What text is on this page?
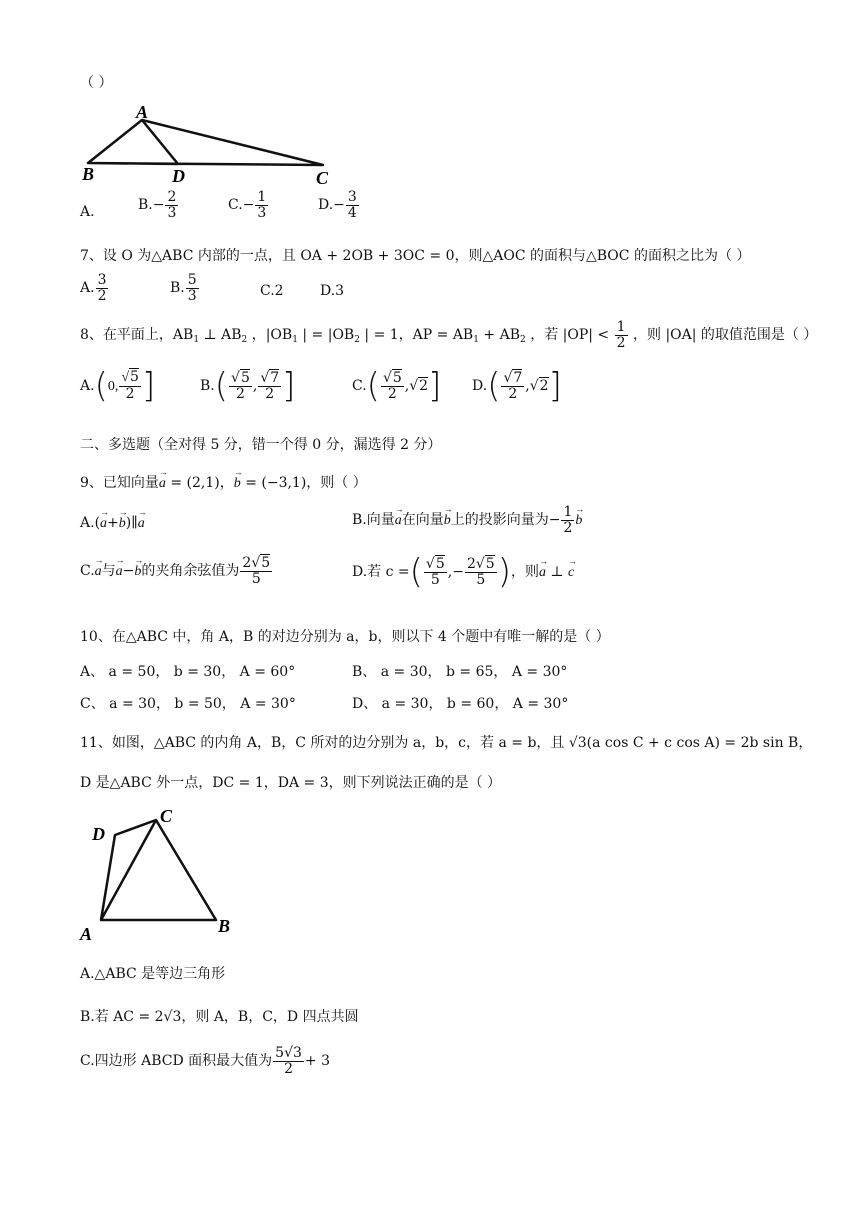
（ ）
A
B	D	C
A.	$B.- \frac{2}{3}$	$C.- \frac{1}{3}$	$D.- \frac{3}{4}$
7、设 O 为△ABC 内部的一点，且 OA + 2OB + 3OC = 0，则△AOC 的面积与△BOC 的面积之比为（ ）
A. $\frac{3}{2}$	B. $\frac{5}{3}$	C.2	D.3
8、在平面上，$AB_1$ ⊥ $AB_2$ ，$|OB_1$ | = $|OB_2$ | = 1，AP = $AB_1 + AB_2$ ，若 $|OP| < \frac{1}{2}$ ，则 |OA| 的取值范围是（ ）
A.(0, $\frac{√5}{2}$ ]	$B.( \frac{√5}{2}$ , $\frac{√7}{2}$ ]	$C.( \frac{√5}{2} ,√2]$ $D.( \frac{√7}{2} ,√2]$
二、多选题（全对得 5 分，错一个得 0 分，漏选得 2 分）
9、已知向量→ a = (2,1)，→ b = (−3,1)，则（ ）
A.(→ a+→ b)∥→ a	B.向量→ a在向量→ b上的投影向量为− $\frac{1}{2}$
→ b
C.→ a与→ a−→ b的夹角余弦值为 $\frac{2√5}{5}$	D.若 c =( $\frac{√5}{5}$ ,− $\frac{2√5}{5}$ )，则→ a ⊥ → c
10、在△ABC 中，角 A，B 的对边分别为 a，b，则以下 4 个题中有唯一解的是（ ）
A、 a = 50， b = 30， A = 60°	B、 a = 30， b = 65， A = 30°
C、 a = 30， b = 50， A = 30°	D、 a = 30， b = 60， A = 30°
11、如图，△ABC 的内角 A，B，C 所对的边分别为 a，b，c，若 a = b，且 √3(a cos C + c cos A) = 2b sin B，
D 是△ABC 外一点，DC = 1，DA = 3，则下列说法正确的是（ ）
D
C
A	B
A.△ABC 是等边三角形
B.若 AC = 2√3，则 A，B，C，D 四点共圆
C.四边形 ABCD 面积最大值为 $\frac{5√3}{2} + 3$
